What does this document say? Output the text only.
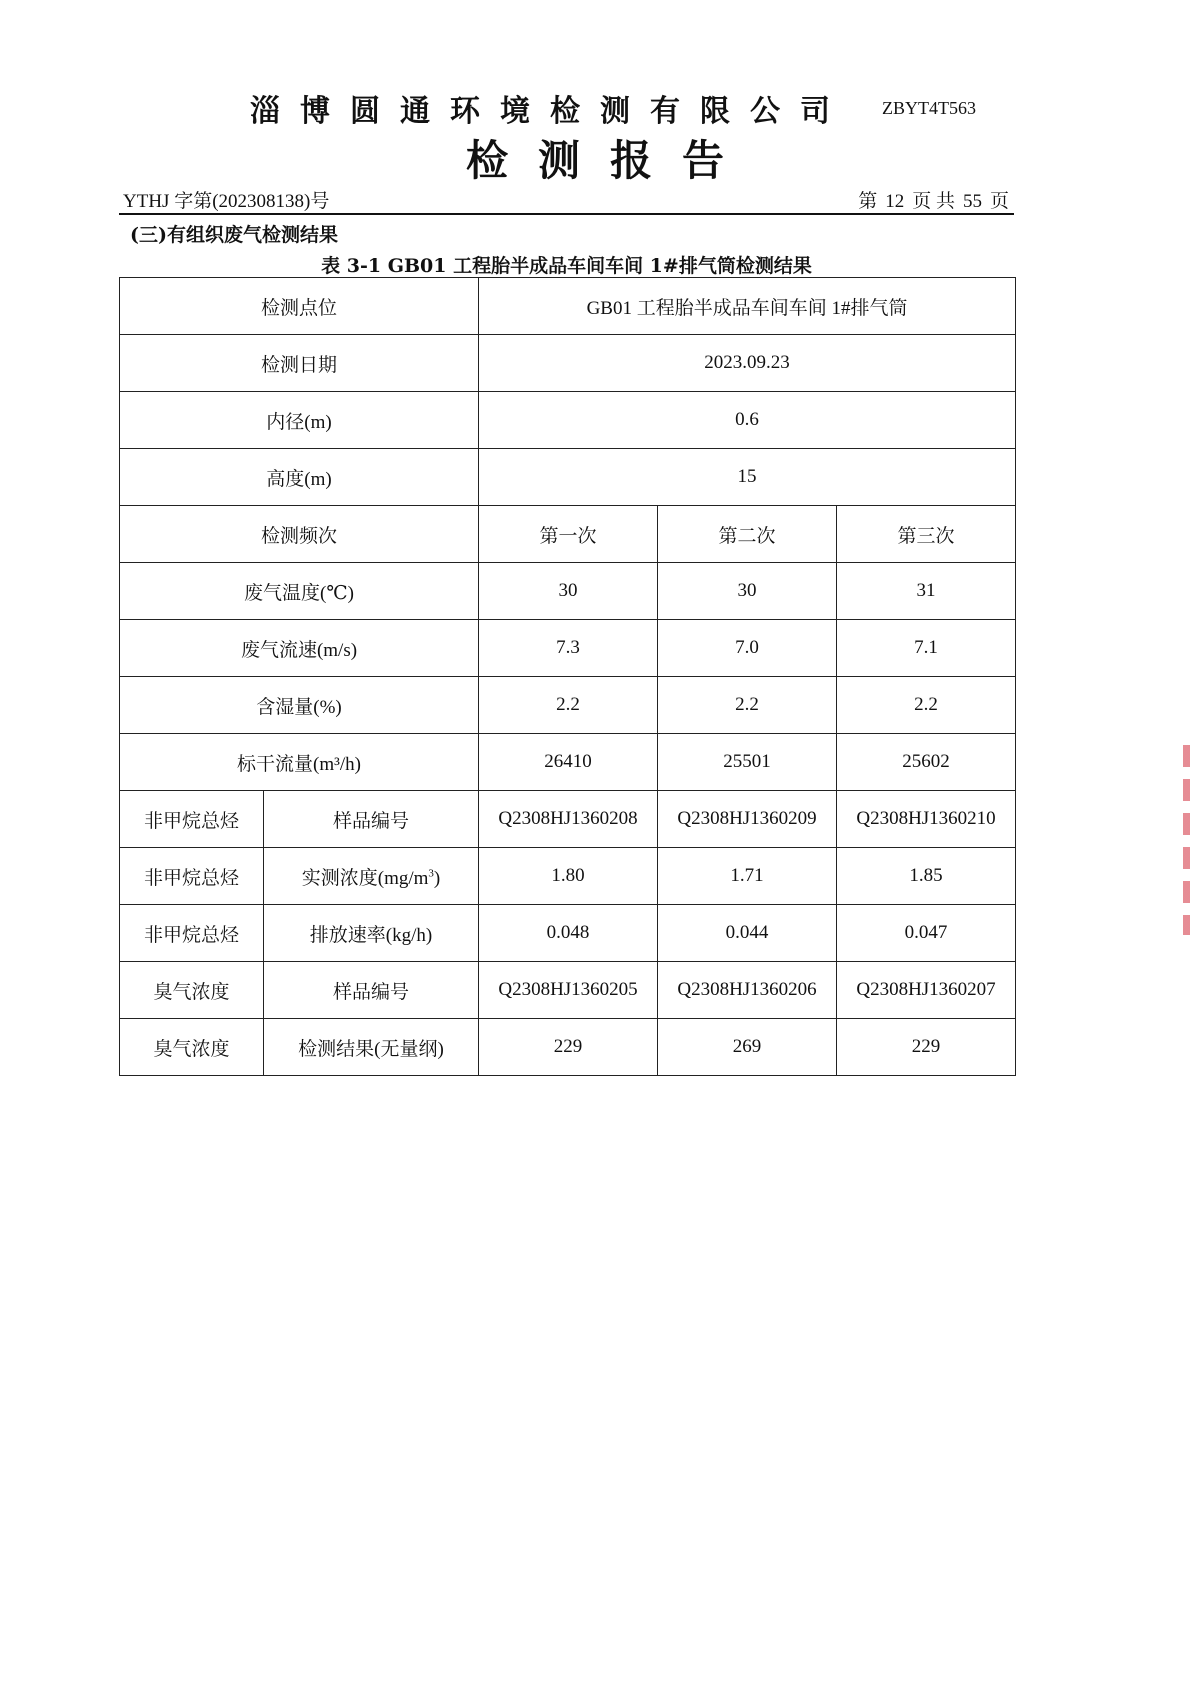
淄博圆通环境检测有限公司 ZBYT4T563
检测报告
YTHJ 字第(202308138)号	第 12 页 共 55 页
(三)有组织废气检测结果
表 3-1 GB01 工程胎半成品车间车间 1#排气筒检测结果
检测点位		GB01 工程胎半成品车间车间 1#排气筒		
检测日期		2023.09.23		
内径(m)		0.6		
高度(m)		15		
检测频次		第一次	第二次	第三次
废气温度(℃)		30	30	31
废气流速(m/s)		7.3	7.0	7.1
含湿量(%)		2.2	2.2	2.2
标干流量(m³/h)		26410	25501	25602
非甲烷总烃	样品编号	Q2308HJ1360208	Q2308HJ1360209	Q2308HJ1360210
非甲烷总烃	实测浓度$(mg/m^3)$	1.80	1.71	1.85
非甲烷总烃	排放速率(kg/h)	0.048	0.044	0.047
臭气浓度	样品编号	Q2308HJ1360205	Q2308HJ1360206	Q2308HJ1360207
臭气浓度	检测结果(无量纲)	229	269	229
